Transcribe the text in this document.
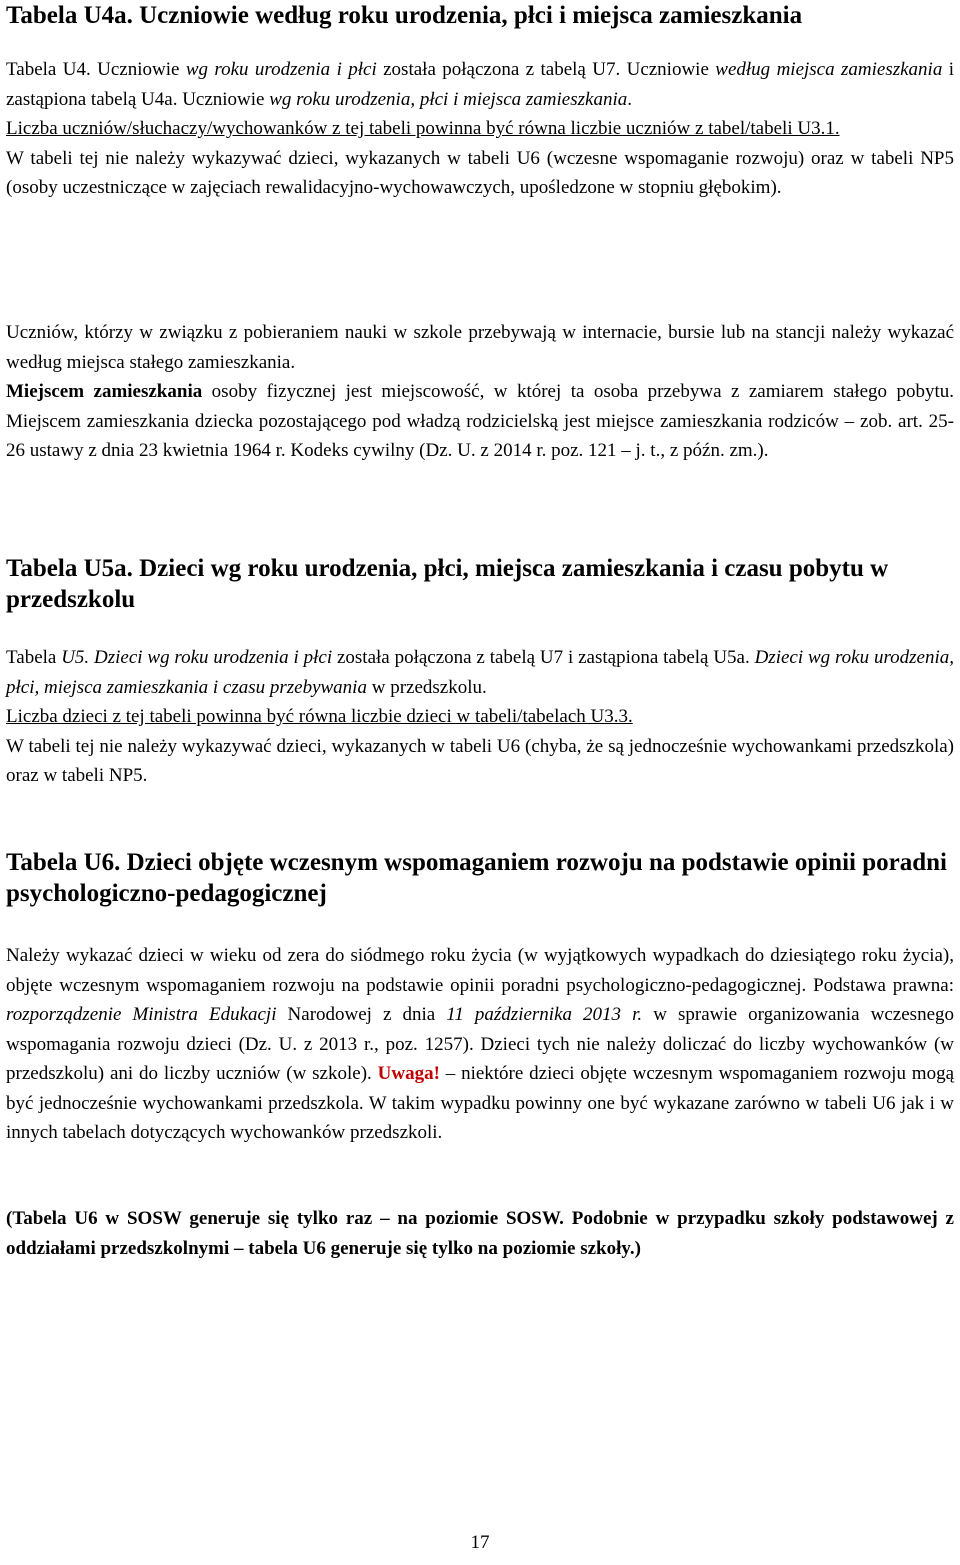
Tabela U4a. Uczniowie według roku urodzenia, płci i miejsca zamieszkania

Tabela U4. Uczniowie wg roku urodzenia i płci została połączona z tabelą U7. Uczniowie według miejsca zamieszkania i zastąpiona tabelą U4a. Uczniowie wg roku urodzenia, płci i miejsca zamieszkania.
Liczba uczniów/słuchaczy/wychowanków z tej tabeli powinna być równa liczbie uczniów z tabel/tabeli U3.1.
W tabeli tej nie należy wykazywać dzieci, wykazanych w tabeli U6 (wczesne wspomaganie rozwoju) oraz w tabeli NP5 (osoby uczestniczące w zajęciach rewalidacyjno-wychowawczych, upośledzone w stopniu głębokim).

Uczniów, którzy w związku z pobieraniem nauki w szkole przebywają w internacie, bursie lub na stancji należy wykazać według miejsca stałego zamieszkania.

Miejscem zamieszkania osoby fizycznej jest miejscowość, w której ta osoba przebywa z zamiarem stałego pobytu. Miejscem zamieszkania dziecka pozostającego pod władzą rodzicielską jest miejsce zamieszkania rodziców – zob. art. 25-26 ustawy z dnia 23 kwietnia 1964 r. Kodeks cywilny (Dz. U. z 2014 r. poz. 121 – j. t., z późn. zm.).

Tabela U5a. Dzieci wg roku urodzenia, płci, miejsca zamieszkania i czasu pobytu w przedszkolu

Tabela U5. Dzieci wg roku urodzenia i płci została połączona z tabelą U7 i zastąpiona tabelą U5a. Dzieci wg roku urodzenia, płci, miejsca zamieszkania i czasu przebywania w przedszkolu.
Liczba dzieci z tej tabeli powinna być równa liczbie dzieci w tabeli/tabelach U3.3.
W tabeli tej nie należy wykazywać dzieci, wykazanych w tabeli U6 (chyba, że są jednocześnie wychowankami przedszkola) oraz w tabeli NP5.

Tabela U6. Dzieci objęte wczesnym wspomaganiem rozwoju na podstawie opinii poradni psychologiczno-pedagogicznej

Należy wykazać dzieci w wieku od zera do siódmego roku życia (w wyjątkowych wypadkach do dziesiątego roku życia), objęte wczesnym wspomaganiem rozwoju na podstawie opinii poradni psychologiczno-pedagogicznej. Podstawa prawna: rozporządzenie Ministra Edukacji Narodowej z dnia 11 października 2013 r. w sprawie organizowania wczesnego wspomagania rozwoju dzieci (Dz. U. z 2013 r., poz. 1257). Dzieci tych nie należy doliczać do liczby wychowanków (w przedszkolu) ani do liczby uczniów (w szkole). Uwaga! – niektóre dzieci objęte wczesnym wspomaganiem rozwoju mogą być jednocześnie wychowankami przedszkola. W takim wypadku powinny one być wykazane zarówno w tabeli U6 jak i w innych tabelach dotyczących wychowanków przedszkoli.

(Tabela U6 w SOSW generuje się tylko raz – na poziomie SOSW. Podobnie w przypadku szkoły podstawowej z oddziałami przedszkolnymi – tabela U6 generuje się tylko na poziomie szkoły.)

17
